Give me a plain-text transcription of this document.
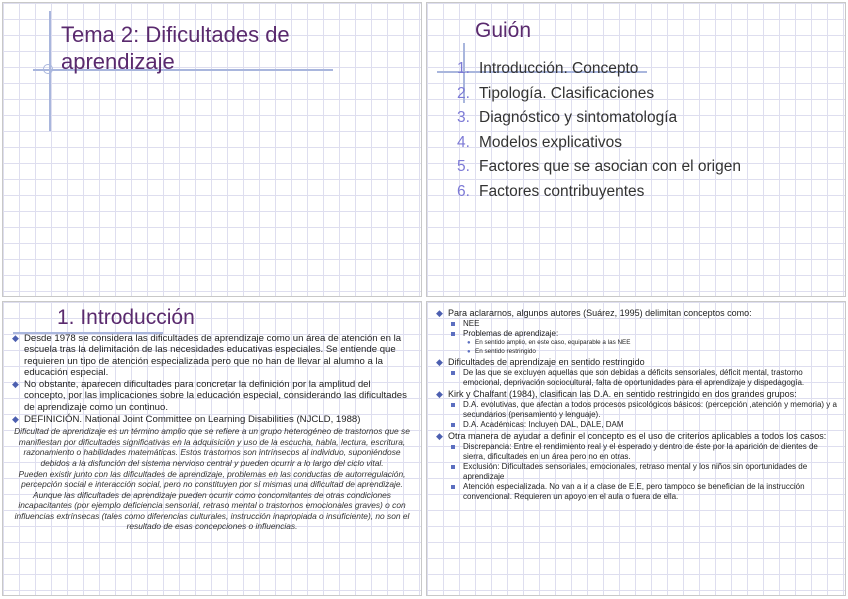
Tema 2: Dificultades de aprendizaje
Guión
1. Introducción. Concepto
2. Tipología. Clasificaciones
3. Diagnóstico y sintomatología
4. Modelos explicativos
5. Factores que se asocian con el origen
6. Factores contribuyentes
1. Introducción
◆ Desde 1978 se considera las dificultades de aprendizaje como un área de atención en la escuela tras la delimitación de las necesidades educativas especiales. Se entiende que requieren un tipo de atención especializada pero que no han de llevar al alumno a la educación especial.
◆ No obstante, aparecen dificultades para concretar la definición por la amplitud del concepto, por las implicaciones sobre la educación especial, considerando las dificultades de aprendizaje como un continuo.
◆ DEFINICIÓN. National Joint Committee on Learning Disabilities (NJCLD, 1988)
Dificultad de aprendizaje es un término amplio que se refiere a un grupo heterogéneo de trastornos que se manifiestan por dificultades significativas en la adquisición y uso de la escucha, habla, lectura, escritura, razonamiento o habilidades matemáticas. Estos trastornos son intrínsecos al individuo, suponiéndose debidos a la disfunción del sistema nervioso central y pueden ocurrir a lo largo del ciclo vital.
Pueden existir junto con las dificultades de aprendizaje, problemas en las conductas de autorregulación, percepción social e interacción social, pero no constituyen por sí mismas una dificultad de aprendizaje. Aunque las dificultades de aprendizaje pueden ocurrir como concomitantes de otras condiciones incapacitantes (por ejemplo deficiencia sensorial, retraso mental o trastornos emocionales graves) o con influencias extrínsecas (tales como diferencias culturales, instrucción inapropiada o insuficiente), no son el resultado de esas concepciones o influencias.
◆ Para aclararnos, algunos autores (Suárez, 1995) delimitan conceptos como:
NEE
Problemas de aprendizaje:
● En sentido amplio, en este caso, equiparable a las NEE
● En sentido restringido
◆ Dificultades de aprendizaje en sentido restringido
De las que se excluyen aquellas que son debidas a déficits sensoriales, déficit mental, trastorno emocional, deprivación sociocultural, falta de oportunidades para el aprendizaje y dispedagogía.
◆ Kirk y Chalfant (1984), clasifican las D.A. en sentido restringido en dos grandes grupos:
D.A. evolutivas, que afectan a todos procesos psicológicos básicos: (percepción ,atención y memoria) y a secundarios (pensamiento y lenguaje).
D.A. Académicas: Incluyen DAL, DALE, DAM
◆ Otra manera de ayudar a definir el concepto es el uso de criterios aplicables a todos los casos:
Discrepancia: Entre el rendimiento real y el esperado y dentro de éste por la aparición de dientes de sierra, dificultades en un área pero no en otras.
Exclusión: Dificultades sensoriales, emocionales, retraso mental y los niños sin oportunidades de aprendizaje
Atención especializada. No van a ir a clase de E.E, pero tampoco se benefician de la instrucción convencional. Requieren un apoyo en el aula o fuera de ella.
